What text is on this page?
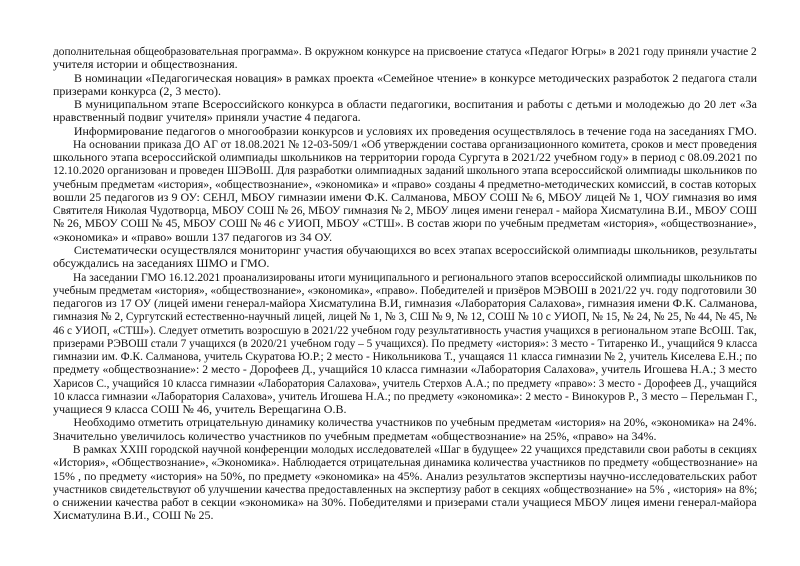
дополнительная общеобразовательная программа». В окружном конкурсе на присвоение статуса «Педагог Югры» в 2021 году приняли участие 2
учителя истории и обществознания.
В номинации «Педагогическая новация» в рамках проекта «Семейное чтение» в конкурсе методических разработок 2 педагога стали
призерами конкурса (2, 3 место).
В муниципальном этапе Всероссийского конкурса в области педагогики, воспитания и работы с детьми и молодежью до 20 лет «За
нравственный подвиг учителя» приняли участие 4 педагога.
Информирование педагогов о многообразии конкурсов и условиях их проведения осуществлялось в течение года на заседаниях ГМО.
На основании приказа ДО АГ от 18.08.2021 № 12-03-509/1 «Об утверждении состава организационного комитета, сроков и мест проведения
школьного этапа всероссийской олимпиады школьников на территории города Сургута в 2021/22 учебном году» в период с 08.09.2021 по
12.10.2020 организован и проведен ШЭВоШ. Для разработки олимпиадных заданий школьного этапа всероссийской олимпиады школьников по
учебным предметам «история», «обществознание», «экономика» и «право» созданы 4 предметно-методических комиссий, в состав которых
вошли 25 педагогов из 9 ОУ: СЕНЛ, МБОУ гимназии имени Ф.К. Салманова, МБОУ СОШ № 6, МБОУ лицей № 1, ЧОУ гимназия во имя
Святителя Николая Чудотворца, МБОУ СОШ № 26, МБОУ гимназия № 2, МБОУ лицея имени генерал - майора Хисматулина В.И., МБОУ СОШ
№ 26, МБОУ СОШ № 45, МБОУ СОШ № 46 с УИОП, МБОУ «СТШ». В состав жюри по учебным предметам «история», «обществознание»,
«экономика» и «право» вошли 137 педагогов из 34 ОУ.
Систематически осуществлялся мониторинг участия обучающихся во всех этапах всероссийской олимпиады школьников, результаты
обсуждались на заседаниях ШМО и ГМО.
На заседании ГМО 16.12.2021 проанализированы итоги муниципального и регионального этапов всероссийской олимпиады школьников по
учебным предметам «история», «обществознание», «экономика», «право». Победителей и призёров МЭВОШ в 2021/22 уч. году подготовили 30
педагогов из 17 ОУ (лицей имени генерал-майора Хисматулина В.И, гимназия «Лаборатория Салахова», гимназия имени Ф.К. Салманова,
гимназия № 2, Сургутский естественно-научный лицей, лицей № 1, № 3, СШ № 9, № 12, СОШ № 10 с УИОП, № 15, № 24, № 25, № 44, № 45, №
46 с УИОП, «СТШ»). Следует отметить возросшую в 2021/22 учебном году результативность участия учащихся в региональном этапе ВсОШ. Так,
призерами РЭВОШ стали 7 учащихся (в 2020/21 учебном году – 5 учащихся). По предмету «история»: 3 место - Титаренко И., учащийся 9 класса
гимназии им. Ф.К. Салманова, учитель Скуратова Ю.Р.; 2 место - Никольникова Т., учащаяся 11 класса гимназии № 2, учитель Киселева Е.Н.; по
предмету «обществознание»: 2 место - Дорофеев Д., учащийся 10 класса гимназии «Лаборатория Салахова», учитель Игошева Н.А.; 3 место
Харисов С., учащийся 10 класса гимназии «Лаборатория Салахова», учитель Стерхов А.А.; по предмету «право»: 3 место - Дорофеев Д., учащийся
10 класса гимназии «Лаборатория Салахова», учитель Игошева Н.А.; по предмету «экономика»: 2 место - Винокуров Р., 3 место – Перельман Г.,
учащиеся 9 класса СОШ № 46, учитель Верещагина О.В.
Необходимо отметить отрицательную динамику количества участников по учебным предметам «история» на 20%, «экономика» на 24%.
Значительно увеличилось количество участников по учебным предметам «обществознание» на 25%, «право» на 34%.
В рамках XXIII городской научной конференции молодых исследователей «Шаг в будущее» 22 учащихся представили свои работы в секциях
«История», «Обществознание», «Экономика». Наблюдается отрицательная динамика количества участников по предмету «обществознание» на
15% , по предмету «история» на 50%, по предмету «экономика» на 45%. Анализ результатов экспертизы научно-исследовательских работ
участников свидетельствуют об улучшении качества предоставленных на экспертизу работ в секциях «обществознание» на 5% , «история» на 8%;
о снижении качества работ в секции «экономика» на 30%. Победителями и призерами стали учащиеся МБОУ лицея имени генерал-майора
Хисматулина В.И., СОШ № 25.
